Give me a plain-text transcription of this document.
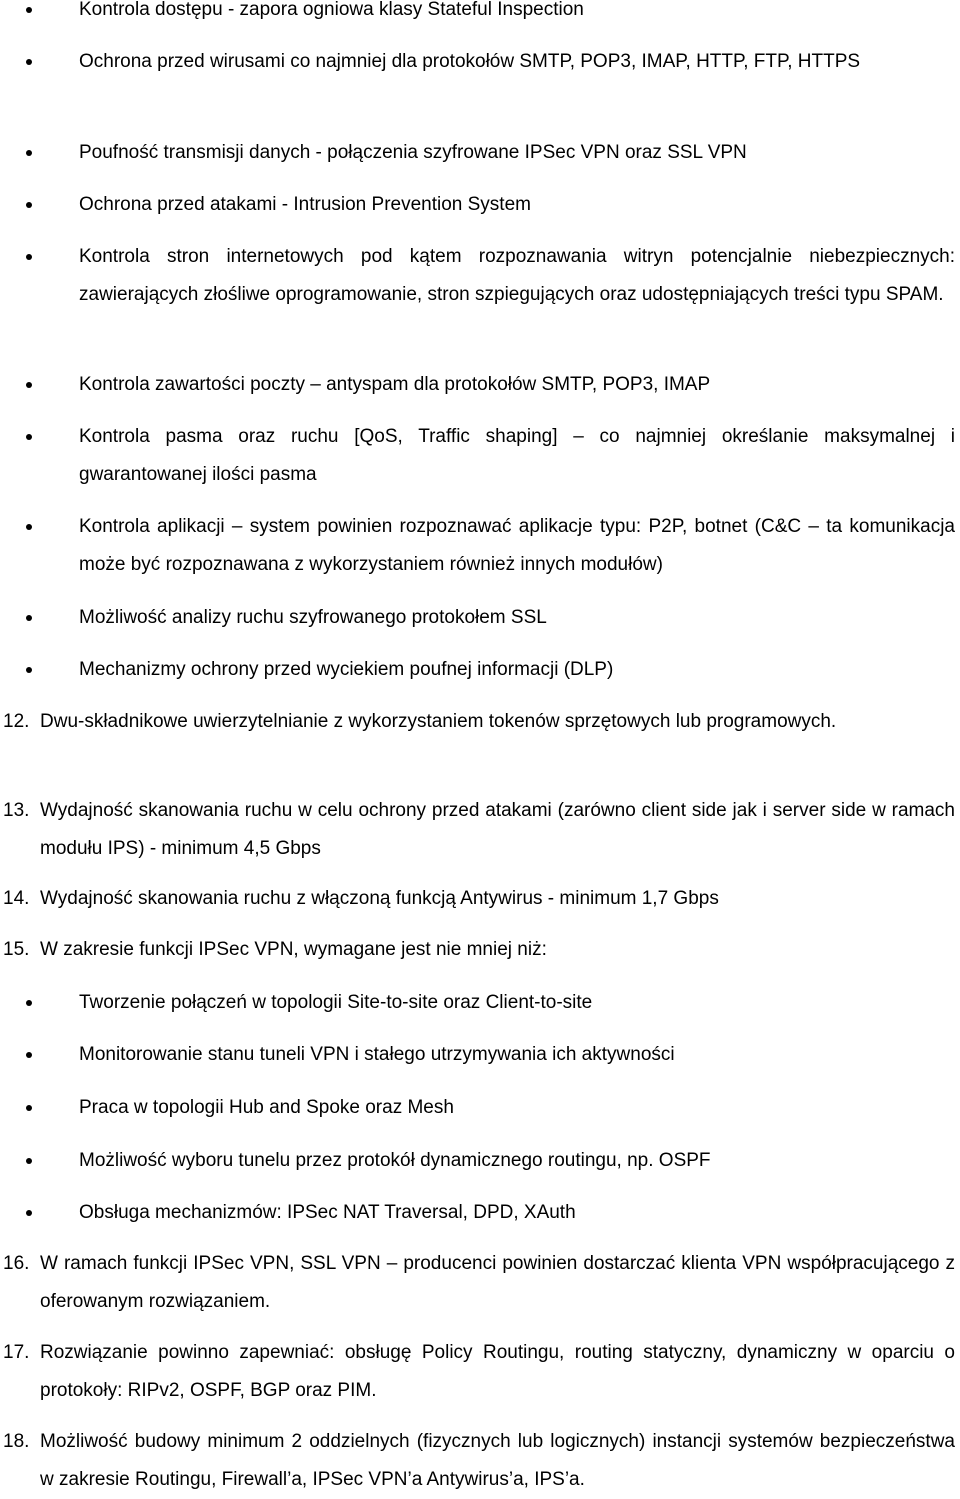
Kontrola dostępu - zapora ogniowa klasy Stateful Inspection
Ochrona przed wirusami co najmniej dla protokołów SMTP, POP3, IMAP, HTTP, FTP, HTTPS
Poufność transmisji danych - połączenia szyfrowane IPSec VPN oraz SSL VPN
Ochrona przed atakami - Intrusion Prevention System
Kontrola stron internetowych pod kątem rozpoznawania witryn potencjalnie niebezpiecznych: zawierających złośliwe oprogramowanie, stron szpiegujących oraz udostępniających treści typu SPAM.
Kontrola zawartości poczty – antyspam dla protokołów SMTP, POP3, IMAP
Kontrola pasma oraz ruchu [QoS, Traffic shaping] – co najmniej określanie maksymalnej i gwarantowanej ilości pasma
Kontrola aplikacji – system powinien rozpoznawać aplikacje typu: P2P, botnet (C&C – ta komunikacja może być rozpoznawana z wykorzystaniem również innych modułów)
Możliwość analizy ruchu szyfrowanego protokołem SSL
Mechanizmy ochrony przed wyciekiem poufnej informacji (DLP)
12. Dwu-składnikowe uwierzytelnianie z wykorzystaniem tokenów sprzętowych lub programowych.
13. Wydajność skanowania ruchu w celu ochrony przed atakami (zarówno client side jak i server side w ramach modułu IPS) - minimum 4,5 Gbps
14. Wydajność skanowania ruchu z włączoną funkcją Antywirus - minimum 1,7 Gbps
15. W zakresie funkcji IPSec VPN, wymagane jest nie mniej niż:
Tworzenie połączeń w topologii Site-to-site oraz Client-to-site
Monitorowanie stanu tuneli VPN i stałego utrzymywania ich aktywności
Praca w topologii Hub and Spoke oraz Mesh
Możliwość wyboru tunelu przez protokół dynamicznego routingu, np. OSPF
Obsługa mechanizmów: IPSec NAT Traversal, DPD, XAuth
16. W ramach funkcji IPSec VPN, SSL VPN – producenci powinien dostarczać klienta VPN współpracującego z oferowanym rozwiązaniem.
17. Rozwiązanie powinno zapewniać: obsługę Policy Routingu, routing statyczny, dynamiczny w oparciu o protokoły: RIPv2, OSPF, BGP oraz PIM.
18. Możliwość budowy minimum 2 oddzielnych (fizycznych lub logicznych) instancji systemów bezpieczeństwa w zakresie Routingu, Firewall’a, IPSec VPN’a Antywirus’a, IPS’a.
